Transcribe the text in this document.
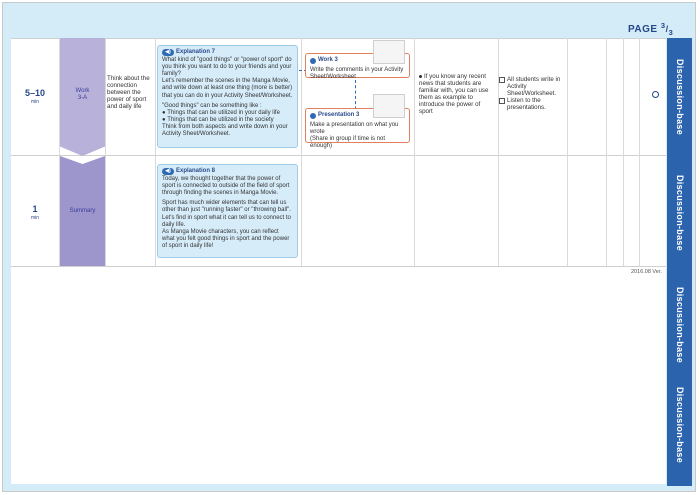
PAGE $^3/_3$
Discussion-base
Discussion-base
Discussion-base
Discussion-base
5–10
min
1
min
Work
3-A
Summary
Think about the connection between the power of sport and daily life
◀) Explanation 7

What kind of "good things" or "power of sport" do you think you want to do to your friends and your family?

Let's remember the scenes in the Manga Movie, and write down at least one thing (more is better) that you can do in your Activity Sheet/Worksheet.

"Good things" can be something like :

● Things that can be utilized in your daily life

● Things that can be utilized in the society

Think from both aspects and write down in your Activity Sheet/Worksheet.

Work 3
Write the comments in your Activity Sheet/Worksheet
Presentation 3
Make a presentation on what you wrote
(Share in group if time is not enough)
If you know any recent news that students are familiar with, you can use them as example to introduce the power of sport
All students write in Activity Sheet/Worksheet.
Listen to the presentations.
◀) Explanation 8

Today, we thought together that the power of sport is connected to outside of the field of sport through finding the scenes in Manga Movie.

Sport has much wider elements that can tell us other than just "running faster" or "throwing ball". Let's find in sport what it can tell us to connect to daily life.

As Manga Movie characters, you can reflect what you felt good things in sport and the power of sport in daily life!

2016.08 Ver.
